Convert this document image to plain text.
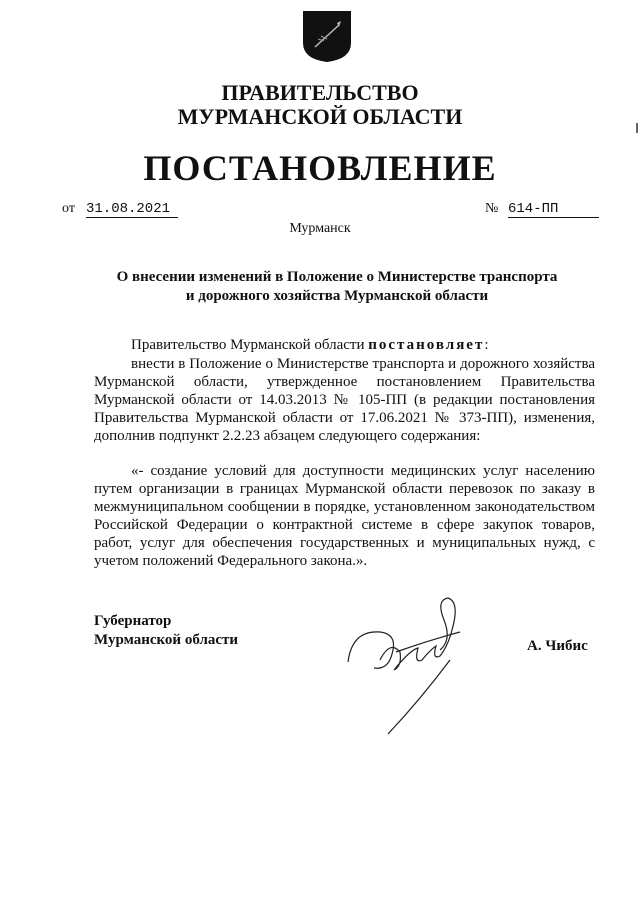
ПРАВИТЕЛЬСТВО
МУРМАНСКОЙ ОБЛАСТИ
ПОСТАНОВЛЕНИЕ
от 31.08.2021	№ 614-ПП
Мурманск
О внесении изменений в Положение о Министерстве транспорта
и дорожного хозяйства Мурманской области
Правительство Мурманской области постановляет:
внести в Положение о Министерстве транспорта и дорожного хозяйства Мурманской области, утвержденное постановлением Правительства Мурманской области от 14.03.2013 № 105-ПП (в редакции постановления Правительства Мурманской области от 17.06.2021 № 373-ПП), изменения, дополнив подпункт 2.2.23 абзацем следующего содержания:
«- создание условий для доступности медицинских услуг населению путем организации в границах Мурманской области перевозок по заказу в межмуниципальном сообщении в порядке, установленном законодательством Российской Федерации о контрактной системе в сфере закупок товаров, работ, услуг для обеспечения государственных и муниципальных нужд, с учетом положений Федерального закона.».
Губернатор
Мурманской области	А. Чибис
